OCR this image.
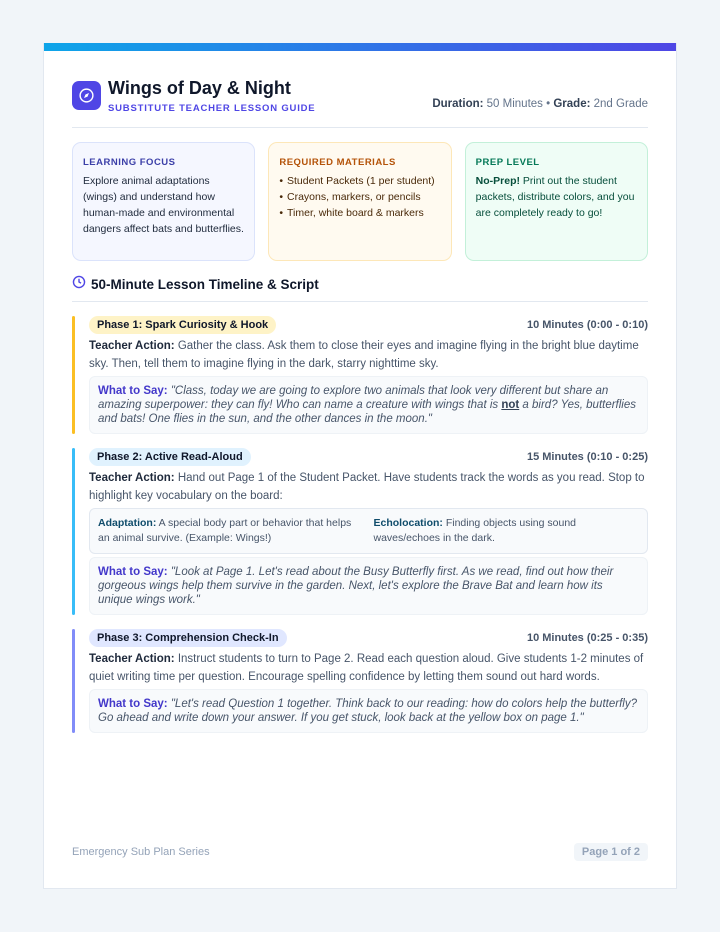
Wings of Day & Night
SUBSTITUTE TEACHER LESSON GUIDE	Duration: 50 Minutes • Grade: 2nd Grade
LEARNING FOCUS
Explore animal adaptations (wings) and understand how human-made and environmental dangers affect bats and butterflies.
REQUIRED MATERIALS
• Student Packets (1 per student)
• Crayons, markers, or pencils
• Timer, white board & markers
PREP LEVEL
No-Prep! Print out the student packets, distribute colors, and you are completely ready to go!
50-Minute Lesson Timeline & Script
Phase 1: Spark Curiosity & Hook	10 Minutes (0:00 - 0:10)
Teacher Action: Gather the class. Ask them to close their eyes and imagine flying in the bright blue daytime sky. Then, tell them to imagine flying in the dark, starry nighttime sky.
What to Say: "Class, today we are going to explore two animals that look very different but share an amazing superpower: they can fly! Who can name a creature with wings that is not a bird? Yes, butterflies and bats! One flies in the sun, and the other dances in the moon."
Phase 2: Active Read-Aloud	15 Minutes (0:10 - 0:25)
Teacher Action: Hand out Page 1 of the Student Packet. Have students track the words as you read. Stop to highlight key vocabulary on the board:
Adaptation: A special body part or behavior that helps an animal survive. (Example: Wings!)
Echolocation: Finding objects using sound waves/echoes in the dark.
What to Say: "Look at Page 1. Let's read about the Busy Butterfly first. As we read, find out how their gorgeous wings help them survive in the garden. Next, let's explore the Brave Bat and learn how its unique wings work."
Phase 3: Comprehension Check-In	10 Minutes (0:25 - 0:35)
Teacher Action: Instruct students to turn to Page 2. Read each question aloud. Give students 1-2 minutes of quiet writing time per question. Encourage spelling confidence by letting them sound out hard words.
What to Say: "Let's read Question 1 together. Think back to our reading: how do colors help the butterfly? Go ahead and write down your answer. If you get stuck, look back at the yellow box on page 1."
Emergency Sub Plan Series	Page 1 of 2
